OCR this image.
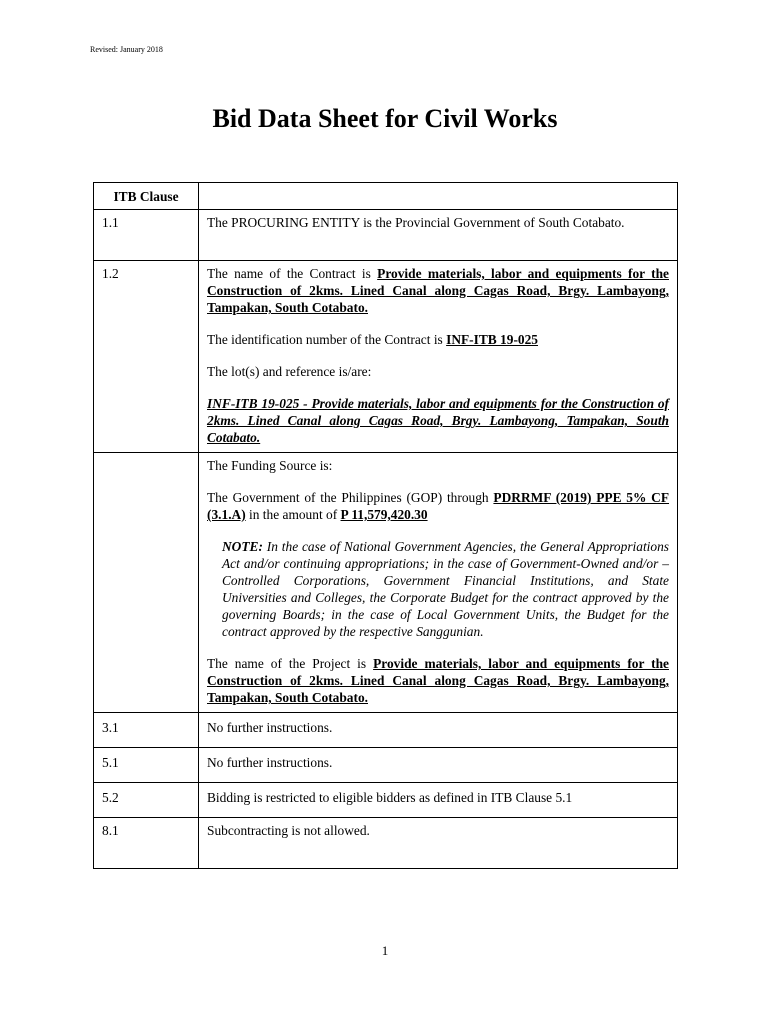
Revised: January 2018
Bid Data Sheet for Civil Works
ITB Clause	
1.1	The PROCURING ENTITY is the Provincial Government of South Cotabato.

1.2	The name of the Contract is Provide materials, labor and equipments for the Construction of 2kms. Lined Canal along Cagas Road, Brgy. Lambayong, Tampakan, South Cotabato.

The identification number of the Contract is INF-ITB 19-025

The lot(s) and reference is/are:

INF-ITB 19-025 - Provide materials, labor and equipments for the Construction of 2kms. Lined Canal along Cagas Road, Brgy. Lambayong, Tampakan, South Cotabato.

	The Funding Source is:

The Government of the Philippines (GOP) through PDRRMF (2019) PPE 5% CF (3.1.A) in the amount of P 11,579,420.30

NOTE: In the case of National Government Agencies, the General Appropriations Act and/or continuing appropriations; in the case of Government-Owned and/or –Controlled Corporations, Government Financial Institutions, and State Universities and Colleges, the Corporate Budget for the contract approved by the governing Boards; in the case of Local Government Units, the Budget for the contract approved by the respective Sanggunian.

The name of the Project is Provide materials, labor and equipments for the Construction of 2kms. Lined Canal along Cagas Road, Brgy. Lambayong, Tampakan, South Cotabato.

3.1	No further instructions.
5.1	No further instructions.
5.2	Bidding is restricted to eligible bidders as defined in ITB Clause 5.1
8.1	Subcontracting is not allowed.
1
